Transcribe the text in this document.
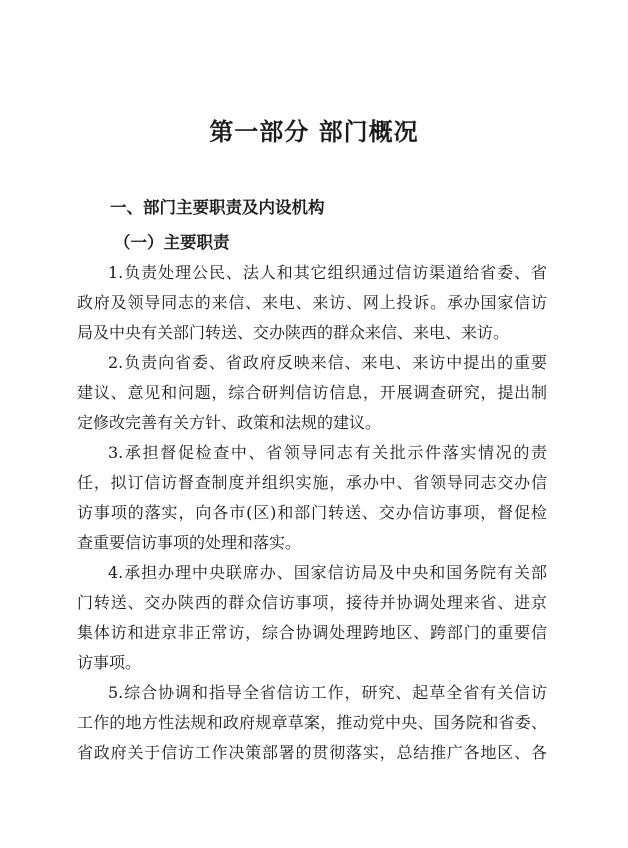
第一部分 部门概况
一、部门主要职责及内设机构
（一）主要职责
1.负责处理公民、法人和其它组织通过信访渠道给省委、省
政府及领导同志的来信、来电、来访、网上投诉。承办国家信访
局及中央有关部门转送、交办陕西的群众来信、来电、来访。
2.负责向省委、省政府反映来信、来电、来访中提出的重要
建议、意见和问题，综合研判信访信息，开展调查研究，提出制
定修改完善有关方针、政策和法规的建议。
3.承担督促检查中、省领导同志有关批示件落实情况的责
任，拟订信访督查制度并组织实施，承办中、省领导同志交办信
访事项的落实，向各市(区)和部门转送、交办信访事项，督促检
查重要信访事项的处理和落实。
4.承担办理中央联席办、国家信访局及中央和国务院有关部
门转送、交办陕西的群众信访事项，接待并协调处理来省、进京
集体访和进京非正常访，综合协调处理跨地区、跨部门的重要信
访事项。
5.综合协调和指导全省信访工作，研究、起草全省有关信访
工作的地方性法规和政府规章草案，推动党中央、国务院和省委、
省政府关于信访工作决策部署的贯彻落实，总结推广各地区、各
